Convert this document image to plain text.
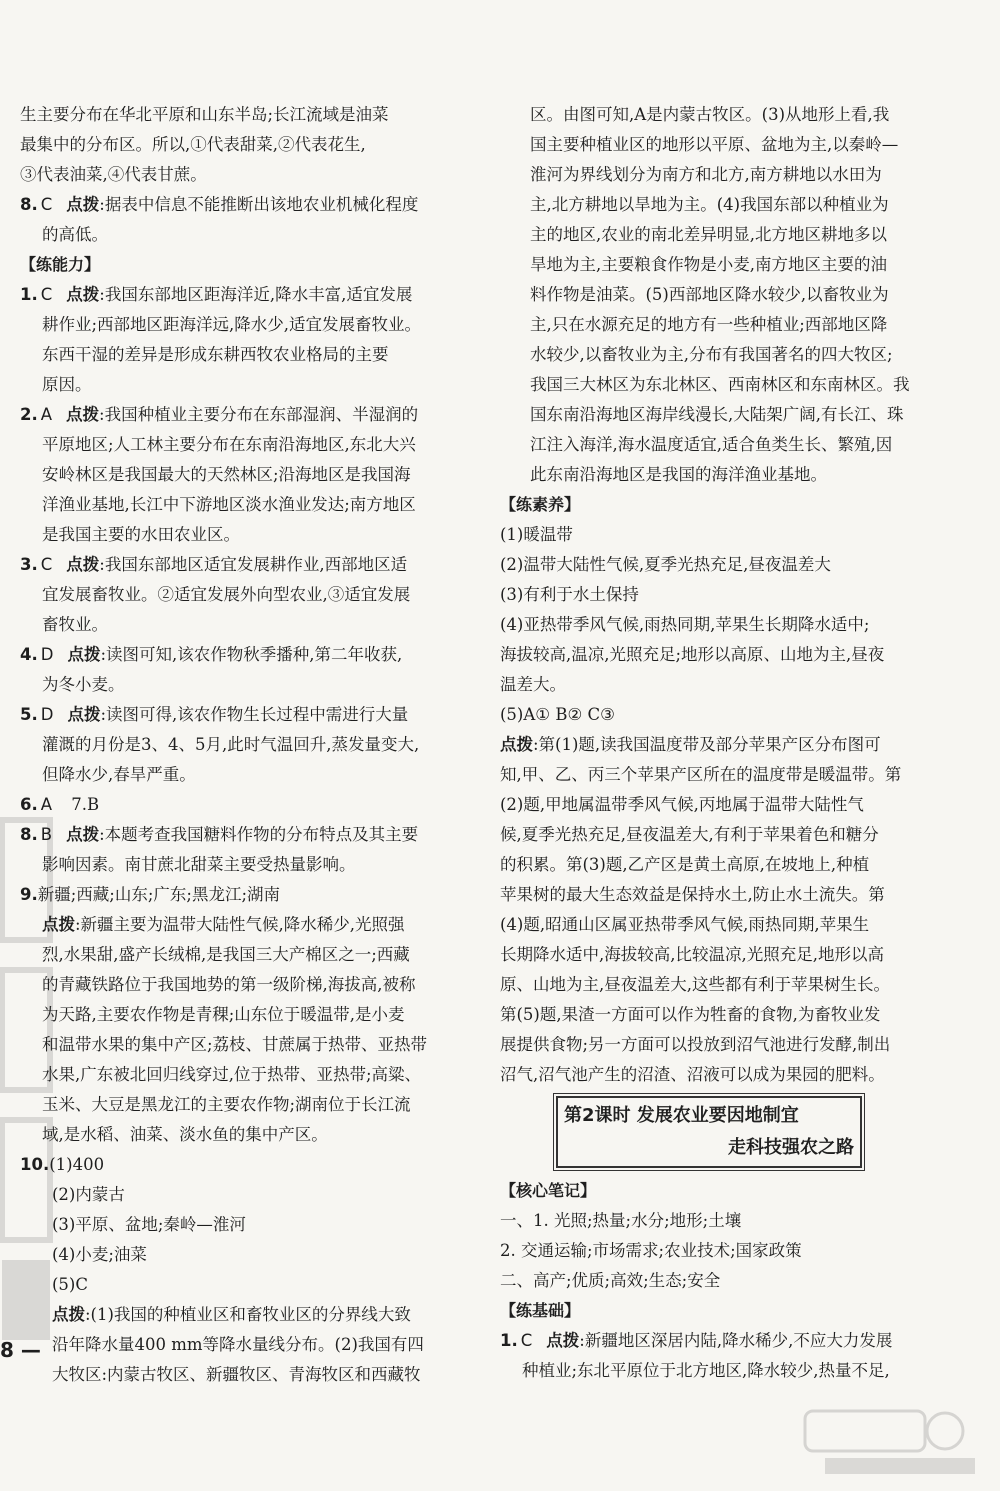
生主要分布在华北平原和山东半岛;长江流域是油菜
最集中的分布区。所以,①代表甜菜,②代表花生,
③代表油菜,④代表甘蔗。
8. C 点拨:据表中信息不能推断出该地农业机械化程度
的高低。
【练能力】
1. C 点拨:我国东部地区距海洋近,降水丰富,适宜发展
耕作业;西部地区距海洋远,降水少,适宜发展畜牧业。
东西干湿的差异是形成东耕西牧农业格局的主要
原因。
2. A 点拨:我国种植业主要分布在东部湿润、半湿润的
平原地区;人工林主要分布在东南沿海地区,东北大兴
安岭林区是我国最大的天然林区;沿海地区是我国海
洋渔业基地,长江中下游地区淡水渔业发达;南方地区
是我国主要的水田农业区。
3. C 点拨:我国东部地区适宜发展耕作业,西部地区适
宜发展畜牧业。②适宜发展外向型农业,③适宜发展
畜牧业。
4. D 点拨:读图可知,该农作物秋季播种,第二年收获,
为冬小麦。
5. D 点拨:读图可得,该农作物生长过程中需进行大量
灌溉的月份是3、4、5月,此时气温回升,蒸发量变大,
但降水少,春旱严重。
6. A 7.B
8. B 点拨:本题考查我国糖料作物的分布特点及其主要
影响因素。南甘蔗北甜菜主要受热量影响。
9.新疆;西藏;山东;广东;黑龙江;湖南
点拨:新疆主要为温带大陆性气候,降水稀少,光照强
烈,水果甜,盛产长绒棉,是我国三大产棉区之一;西藏
的青藏铁路位于我国地势的第一级阶梯,海拔高,被称
为天路,主要农作物是青稞;山东位于暖温带,是小麦
和温带水果的集中产区;荔枝、甘蔗属于热带、亚热带
水果,广东被北回归线穿过,位于热带、亚热带;高粱、
玉米、大豆是黑龙江的主要农作物;湖南位于长江流
域,是水稻、油菜、淡水鱼的集中产区。
10.(1)400
(2)内蒙古
(3)平原、盆地;秦岭—淮河
(4)小麦;油菜
(5)C
点拨:(1)我国的种植业区和畜牧业区的分界线大致
沿年降水量400 mm等降水量线分布。(2)我国有四
大牧区:内蒙古牧区、新疆牧区、青海牧区和西藏牧
区。由图可知,A是内蒙古牧区。(3)从地形上看,我
国主要种植业区的地形以平原、盆地为主,以秦岭—
淮河为界线划分为南方和北方,南方耕地以水田为
主,北方耕地以旱地为主。(4)我国东部以种植业为
主的地区,农业的南北差异明显,北方地区耕地多以
旱地为主,主要粮食作物是小麦,南方地区主要的油
料作物是油菜。(5)西部地区降水较少,以畜牧业为
主,只在水源充足的地方有一些种植业;西部地区降
水较少,以畜牧业为主,分布有我国著名的四大牧区;
我国三大林区为东北林区、西南林区和东南林区。我
国东南沿海地区海岸线漫长,大陆架广阔,有长江、珠
江注入海洋,海水温度适宜,适合鱼类生长、繁殖,因
此东南沿海地区是我国的海洋渔业基地。
【练素养】
(1)暖温带
(2)温带大陆性气候,夏季光热充足,昼夜温差大
(3)有利于水土保持
(4)亚热带季风气候,雨热同期,苹果生长期降水适中;
海拔较高,温凉,光照充足;地形以高原、山地为主,昼夜
温差大。
(5)A① B② C③
点拨:第(1)题,读我国温度带及部分苹果产区分布图可
知,甲、乙、丙三个苹果产区所在的温度带是暖温带。第
(2)题,甲地属温带季风气候,丙地属于温带大陆性气
候,夏季光热充足,昼夜温差大,有利于苹果着色和糖分
的积累。第(3)题,乙产区是黄土高原,在坡地上,种植
苹果树的最大生态效益是保持水土,防止水土流失。第
(4)题,昭通山区属亚热带季风气候,雨热同期,苹果生
长期降水适中,海拔较高,比较温凉,光照充足,地形以高
原、山地为主,昼夜温差大,这些都有利于苹果树生长。
第(5)题,果渣一方面可以作为牲畜的食物,为畜牧业发
展提供食物;另一方面可以投放到沼气池进行发酵,制出
沼气,沼气池产生的沼渣、沼液可以成为果园的肥料。
第2课时 发展农业要因地制宜
走科技强农之路
【核心笔记】
一、1. 光照;热量;水分;地形;土壤
2. 交通运输;市场需求;农业技术;国家政策
二、高产;优质;高效;生态;安全
【练基础】
1. C 点拨:新疆地区深居内陆,降水稀少,不应大力发展
种植业;东北平原位于北方地区,降水较少,热量不足,
8 —
